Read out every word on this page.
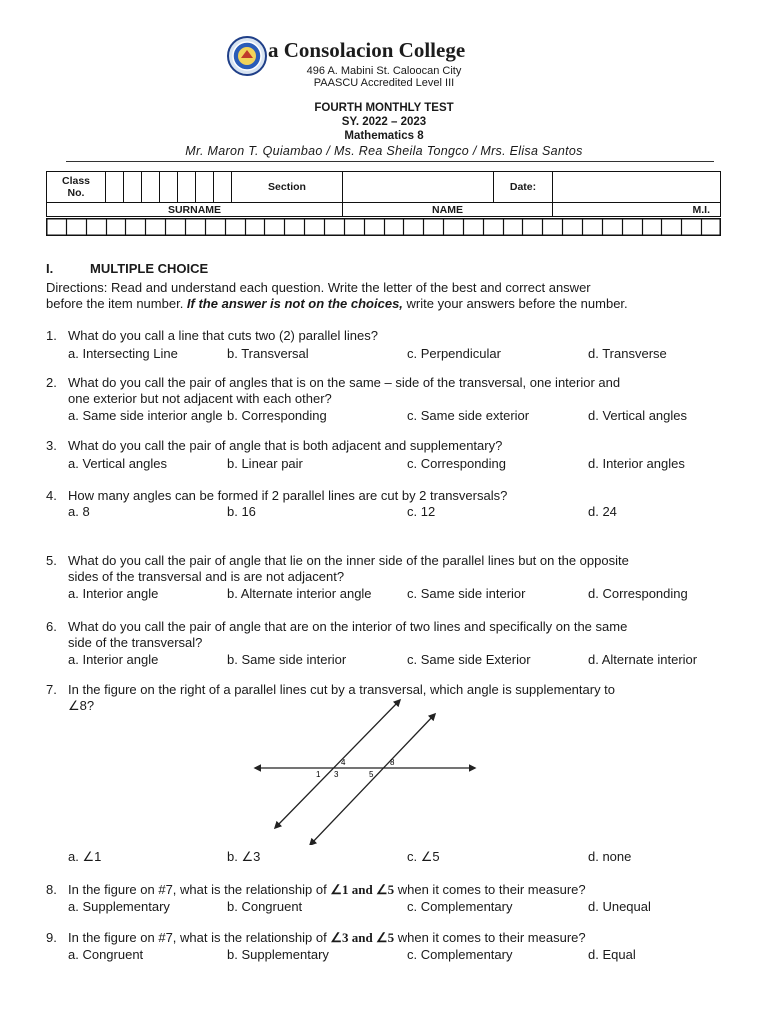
a Consolacion College
496 A. Mabini St. Caloocan City
PAASCU Accredited Level III
FOURTH MONTHLY TEST
SY. 2022 – 2023
Mathematics 8
Mr. Maron T. Quiambao / Ms. Rea Sheila Tongco / Mrs. Elisa Santos
Class
No.								Section		Date:	
SURNAME									NAME		M.I.
I.	MULTIPLE CHOICE
Directions: Read and understand each question. Write the letter of the best and correct answer
before the item number. If the answer is not on the choices, write your answers before the number.
1. What do you call a line that cuts two (2) parallel lines?
a. Intersecting Line	b. Transversal	c. Perpendicular	d. Transverse
2. What do you call the pair of angles that is on the same – side of the transversal, one interior and
one exterior but not adjacent with each other?
a. Same side interior angle b. Corresponding	c. Same side exterior	d. Vertical angles
3. What do you call the pair of angle that is both adjacent and supplementary?
a. Vertical angles	b. Linear pair	c. Corresponding	d. Interior angles
4. How many angles can be formed if 2 parallel lines are cut by 2 transversals?
a. 8	b. 16	c. 12	d. 24
5. What do you call the pair of angle that lie on the inner side of the parallel lines but on the opposite
sides of the transversal and is are not adjacent?
a. Interior angle	b. Alternate interior angle	c. Same side interior	d. Corresponding
6. What do you call the pair of angle that are on the interior of two lines and specifically on the same
side of the transversal?
a. Interior angle	b. Same side interior	c. Same side Exterior	d. Alternate interior
7. In the figure on the right of a parallel lines cut by a transversal, which angle is supplementary to
∠8?
a. ∠1	b. ∠3	c. ∠5	d. none
8. In the figure on #7, what is the relationship of ∠1 and ∠5 when it comes to their measure?
a. Supplementary	b. Congruent	c. Complementary	d. Unequal
9. In the figure on #7, what is the relationship of ∠3 and ∠5 when it comes to their measure?
a. Congruent	b. Supplementary	c. Complementary	d. Equal
1 3
4
5
8
